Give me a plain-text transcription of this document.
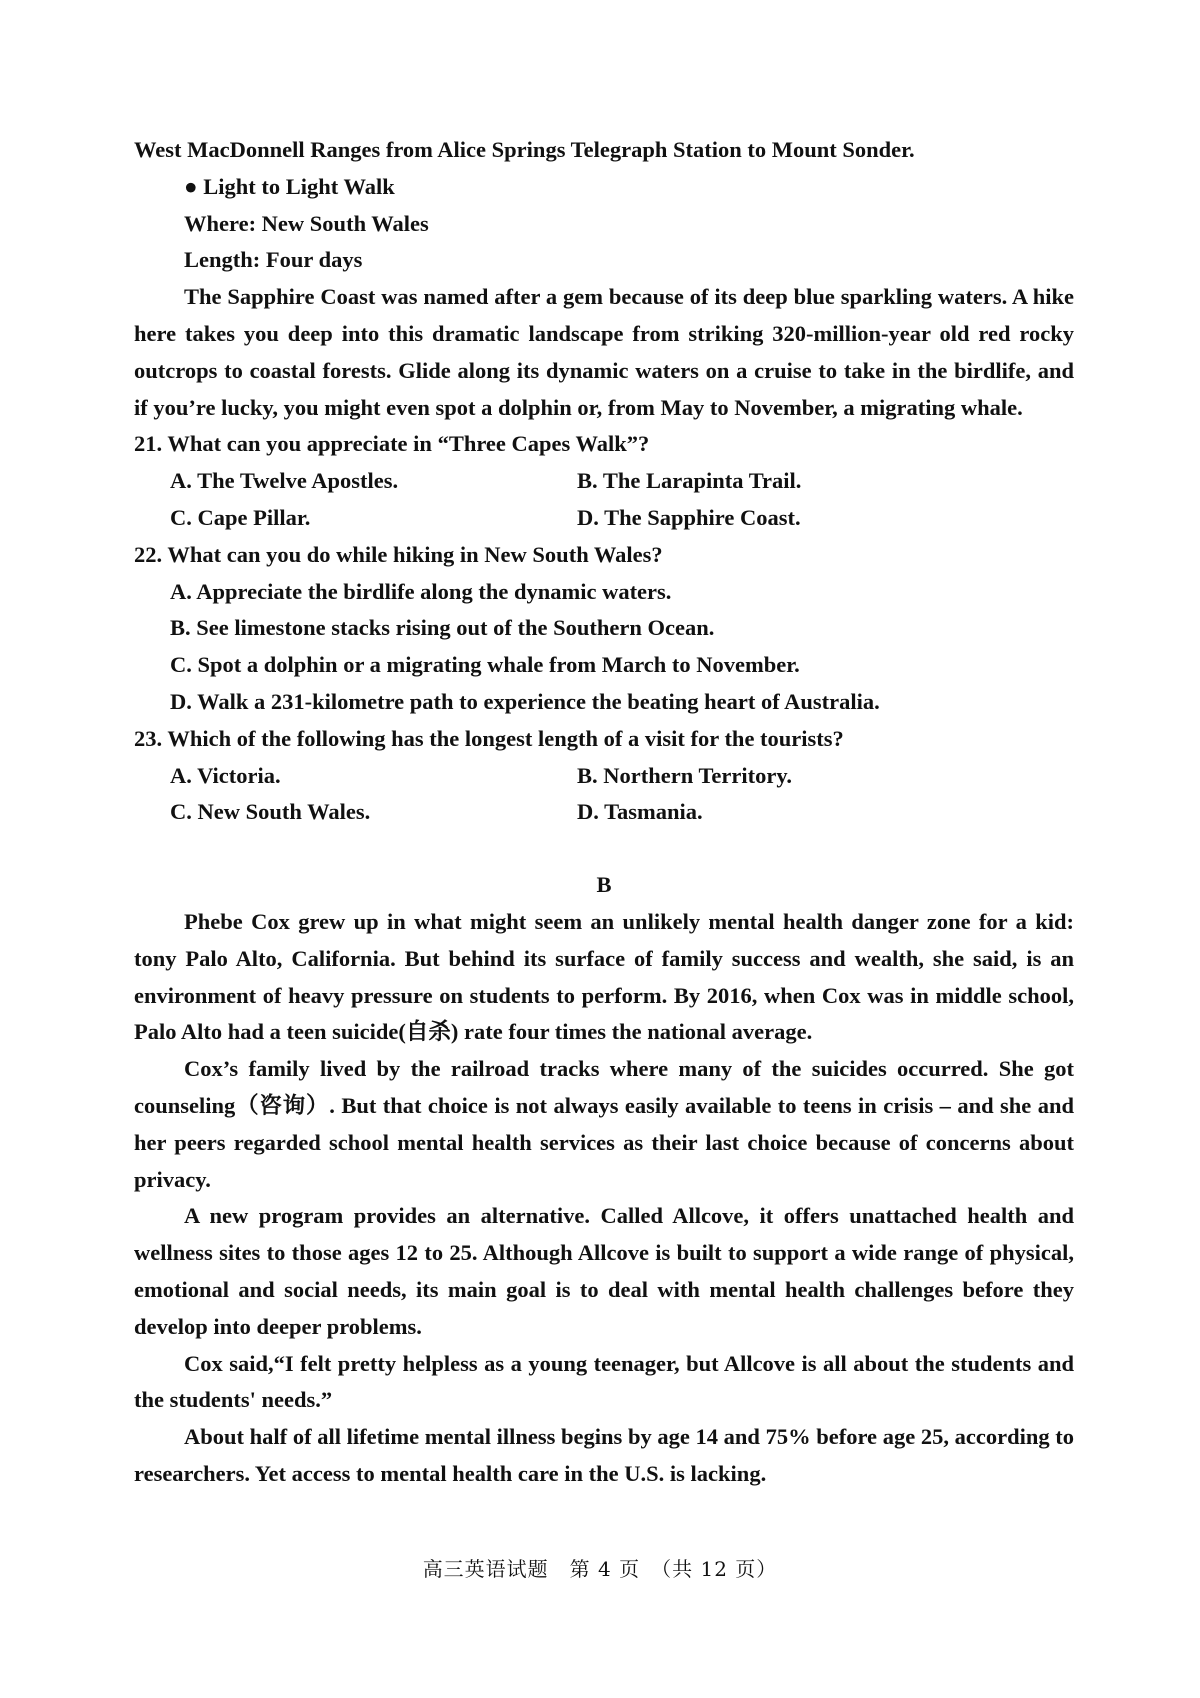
West MacDonnell Ranges from Alice Springs Telegraph Station to Mount Sonder.
● Light to Light Walk
Where: New South Wales
Length: Four days

The Sapphire Coast was named after a gem because of its deep blue sparkling waters. A hike here takes you deep into this dramatic landscape from striking 320-million-year old red rocky outcrops to coastal forests. Glide along its dynamic waters on a cruise to take in the birdlife, and if you’re lucky, you might even spot a dolphin or, from May to November, a migrating whale.

21. What can you appreciate in “Three Capes Walk”?
A. The Twelve Apostles.	B. The Larapinta Trail.
C. Cape Pillar.	D. The Sapphire Coast.
22. What can you do while hiking in New South Wales?
A. Appreciate the birdlife along the dynamic waters.
B. See limestone stacks rising out of the Southern Ocean.
C. Spot a dolphin or a migrating whale from March to November.
D. Walk a 231-kilometre path to experience the beating heart of Australia.
23. Which of the following has the longest length of a visit for the tourists?
A. Victoria.	B. Northern Territory.
C. New South Wales.	D. Tasmania.
B

Phebe Cox grew up in what might seem an unlikely mental health danger zone for a kid: tony Palo Alto, California. But behind its surface of family success and wealth, she said, is an environment of heavy pressure on students to perform. By 2016, when Cox was in middle school, Palo Alto had a teen suicide(自杀) rate four times the national average.

Cox’s family lived by the railroad tracks where many of the suicides occurred. She got counseling（咨询）. But that choice is not always easily available to teens in crisis – and she and her peers regarded school mental health services as their last choice because of concerns about privacy.

A new program provides an alternative. Called Allcove, it offers unattached health and wellness sites to those ages 12 to 25. Although Allcove is built to support a wide range of physical, emotional and social needs, its main goal is to deal with mental health challenges before they develop into deeper problems.

Cox said,“I felt pretty helpless as a young teenager, but Allcove is all about the students and the students' needs.”

About half of all lifetime mental illness begins by age 14 and 75% before age 25, according to researchers. Yet access to mental health care in the U.S. is lacking.

高三英语试题　第 4 页　（共 12 页）
